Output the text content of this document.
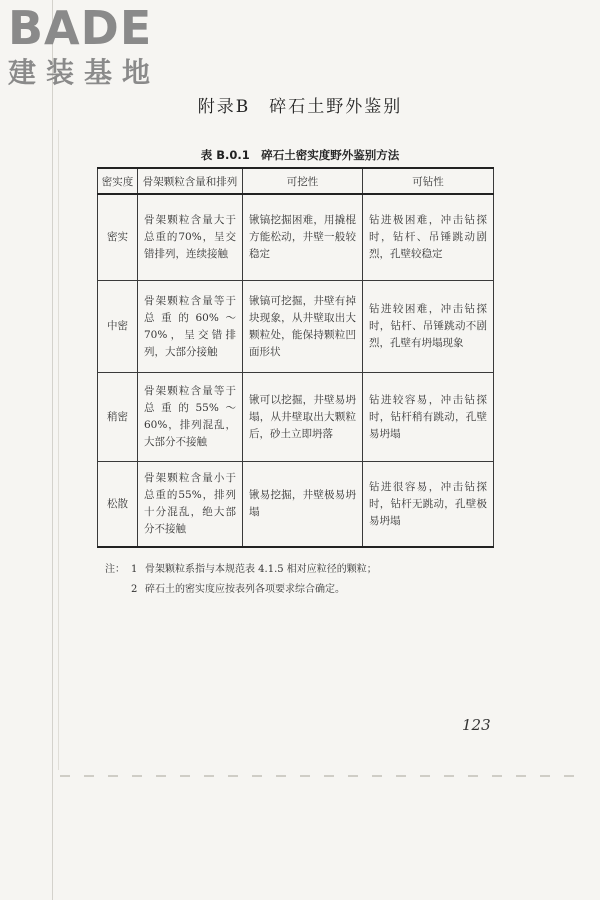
BADE
建装基地
附录B　碎石土野外鉴别
表 B.0.1　碎石土密实度野外鉴别方法
密实度	骨架颗粒含量和排列	可挖性	可钻性
密实	骨架颗粒含量大于总重的70%，呈交错排列，连续接触	锹镐挖掘困难，用撬棍方能松动，井壁一般较稳定	钻进极困难，冲击钻探时，钻杆、吊锤跳动剧烈，孔壁较稳定
中密	骨架颗粒含量等于总重的60%～70%，呈交错排列，大部分接触	锹镐可挖掘，井壁有掉块现象，从井壁取出大颗粒处，能保持颗粒凹面形状	钻进较困难，冲击钻探时，钻杆、吊锤跳动不剧烈，孔壁有坍塌现象
稍密	骨架颗粒含量等于总重的55%～60%，排列混乱，大部分不接触	锹可以挖掘，井壁易坍塌，从井壁取出大颗粒后，砂土立即坍落	钻进较容易，冲击钻探时，钻杆稍有跳动，孔壁易坍塌
松散	骨架颗粒含量小于总重的55%，排列十分混乱，绝大部分不接触	锹易挖掘，井壁极易坍塌	钻进很容易，冲击钻探时，钻杆无跳动，孔壁极易坍塌
注： 1 骨架颗粒系指与本规范表 4.1.5 相对应粒径的颗粒；
2 碎石土的密实度应按表列各项要求综合确定。
123
